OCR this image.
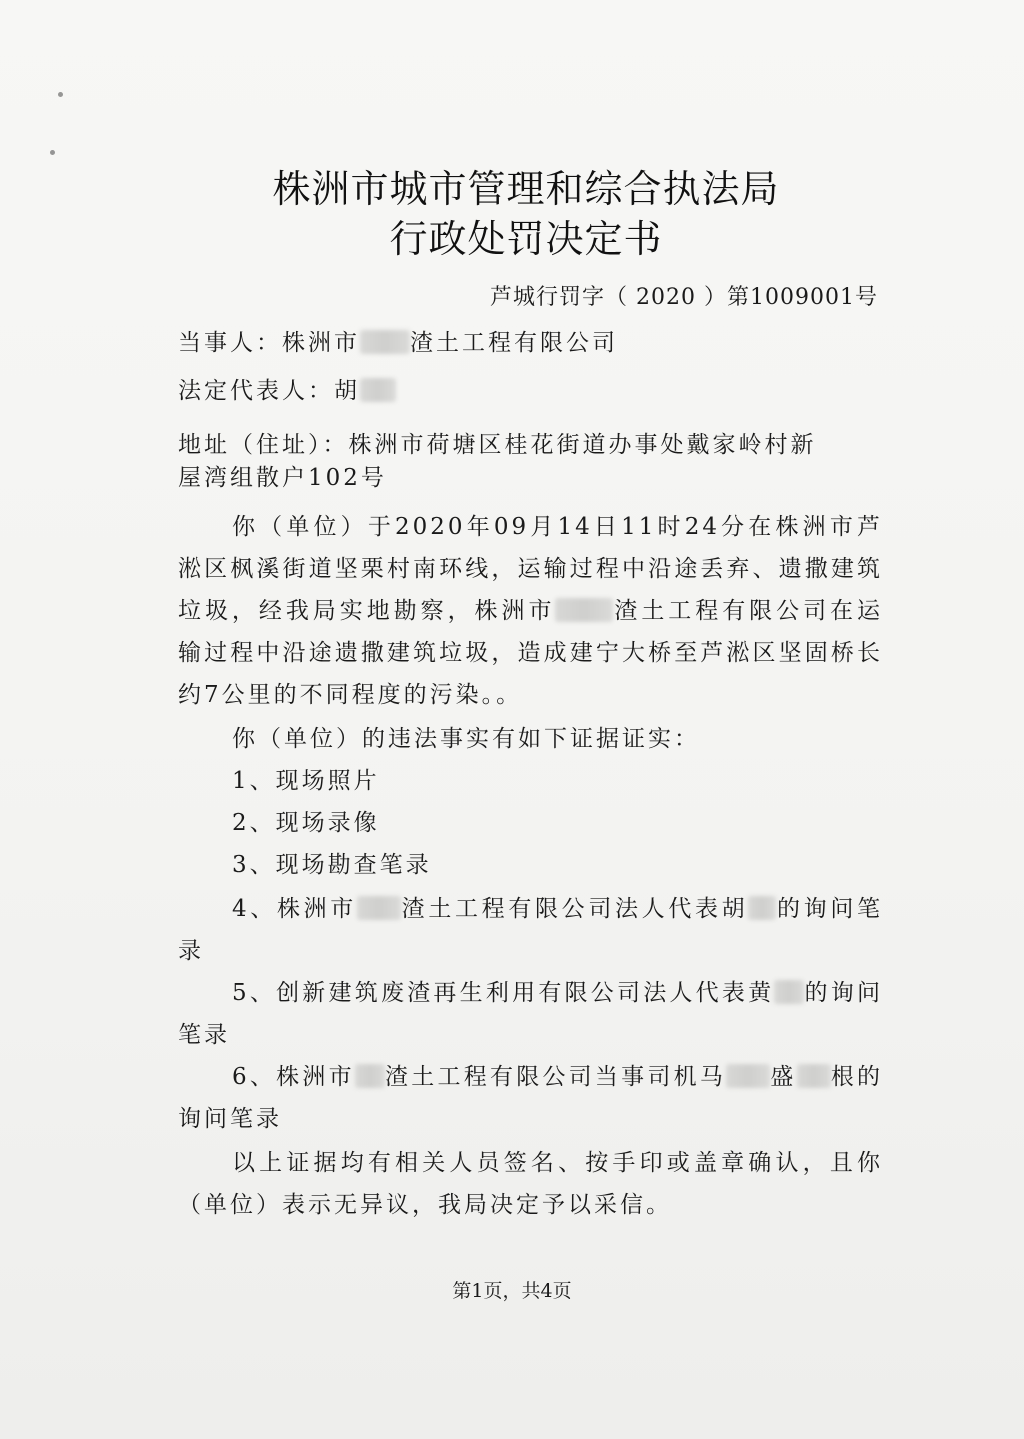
株洲市城市管理和综合执法局
行政处罚决定书
芦城行罚字（ 2020 ）第1009001号
当事人：株洲市 渣土工程有限公司
法定代表人：胡
地址（住址）：株洲市荷塘区桂花街道办事处戴家岭村新
屋湾组散户102号
你（单位）于2020年09月14日11时24分在株洲市芦淞区枫溪街道坚栗村南环线，运输过程中沿途丢弃、遗撒建筑垃圾，经我局实地勘察，株洲市	渣土工程有限公司在运输过程中沿途遗撒建筑垃圾，造成建宁大桥至芦淞区坚固桥长约7公里的不同程度的污染。。
你（单位）的违法事实有如下证据证实：
1、现场照片
2、现场录像
3、现场勘查笔录
4、株洲市 渣土工程有限公司法人代表胡 的询问笔录
5、创新建筑废渣再生利用有限公司法人代表黄 的询问笔录
6、株洲市 渣土工程有限公司当事司机马 盛 根的询问笔录
以上证据均有相关人员签名、按手印或盖章确认，且你（单位）表示无异议，我局决定予以采信。
第1页，共4页
